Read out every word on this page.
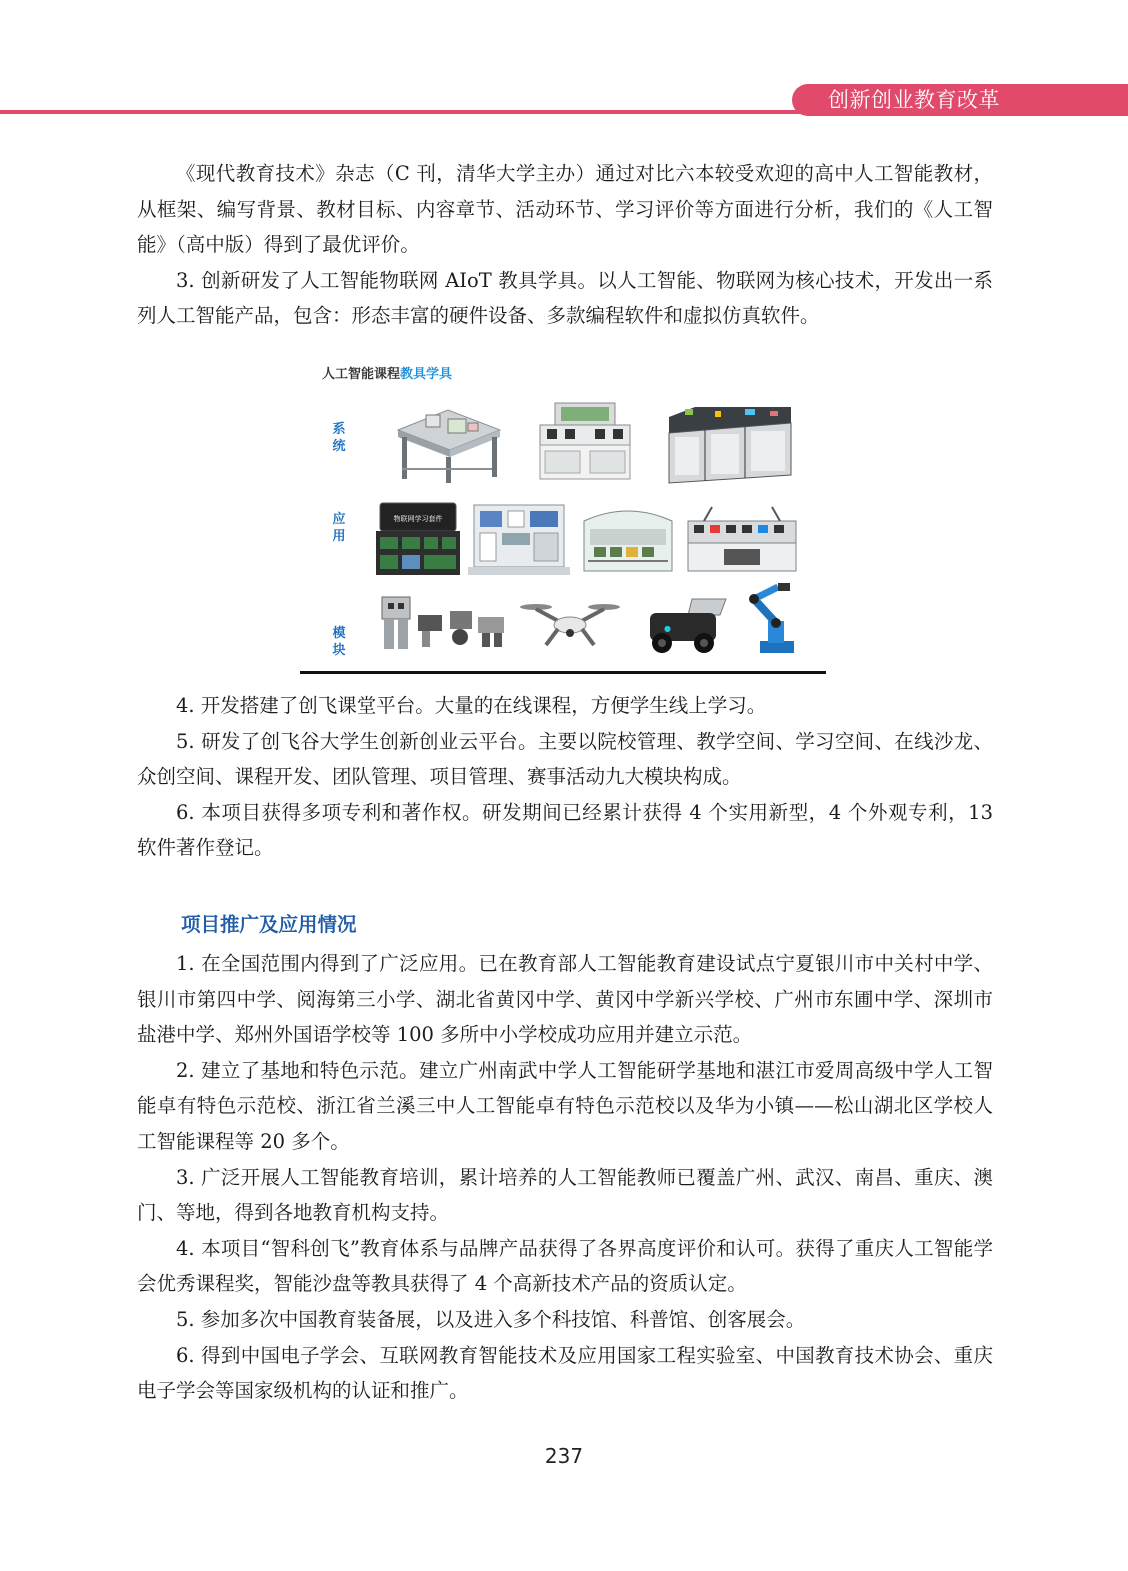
创新创业教育改革

《现代教育技术》杂志（C 刊，清华大学主办）通过对比六本较受欢迎的高中人工智能教材，从框架、编写背景、教材目标、内容章节、活动环节、学习评价等方面进行分析，我们的《人工智能》（高中版）得到了最优评价。

3. 创新研发了人工智能物联网 AIoT 教具学具。以人工智能、物联网为核心技术，开发出一系列人工智能产品，包含：形态丰富的硬件设备、多款编程软件和虚拟仿真软件。

人工智能课程教具学具
系统
应用
模块
物联网学习套件
●

4. 开发搭建了创飞课堂平台。大量的在线课程，方便学生线上学习。

5. 研发了创飞谷大学生创新创业云平台。主要以院校管理、教学空间、学习空间、在线沙龙、众创空间、课程开发、团队管理、项目管理、赛事活动九大模块构成。

6. 本项目获得多项专利和著作权。研发期间已经累计获得 4 个实用新型，4 个外观专利，13 软件著作登记。

项目推广及应用情况

1. 在全国范围内得到了广泛应用。已在教育部人工智能教育建设试点宁夏银川市中关村中学、银川市第四中学、阅海第三小学、湖北省黄冈中学、黄冈中学新兴学校、广州市东圃中学、深圳市盐港中学、郑州外国语学校等 100 多所中小学校成功应用并建立示范。

2. 建立了基地和特色示范。建立广州南武中学人工智能研学基地和湛江市爱周高级中学人工智能卓有特色示范校、浙江省兰溪三中人工智能卓有特色示范校以及华为小镇——松山湖北区学校人工智能课程等 20 多个。

3. 广泛开展人工智能教育培训，累计培养的人工智能教师已覆盖广州、武汉、南昌、重庆、澳门、等地，得到各地教育机构支持。

4. 本项目“智科创飞”教育体系与品牌产品获得了各界高度评价和认可。获得了重庆人工智能学会优秀课程奖，智能沙盘等教具获得了 4 个高新技术产品的资质认定。

5. 参加多次中国教育装备展，以及进入多个科技馆、科普馆、创客展会。

6. 得到中国电子学会、互联网教育智能技术及应用国家工程实验室、中国教育技术协会、重庆电子学会等国家级机构的认证和推广。

237
